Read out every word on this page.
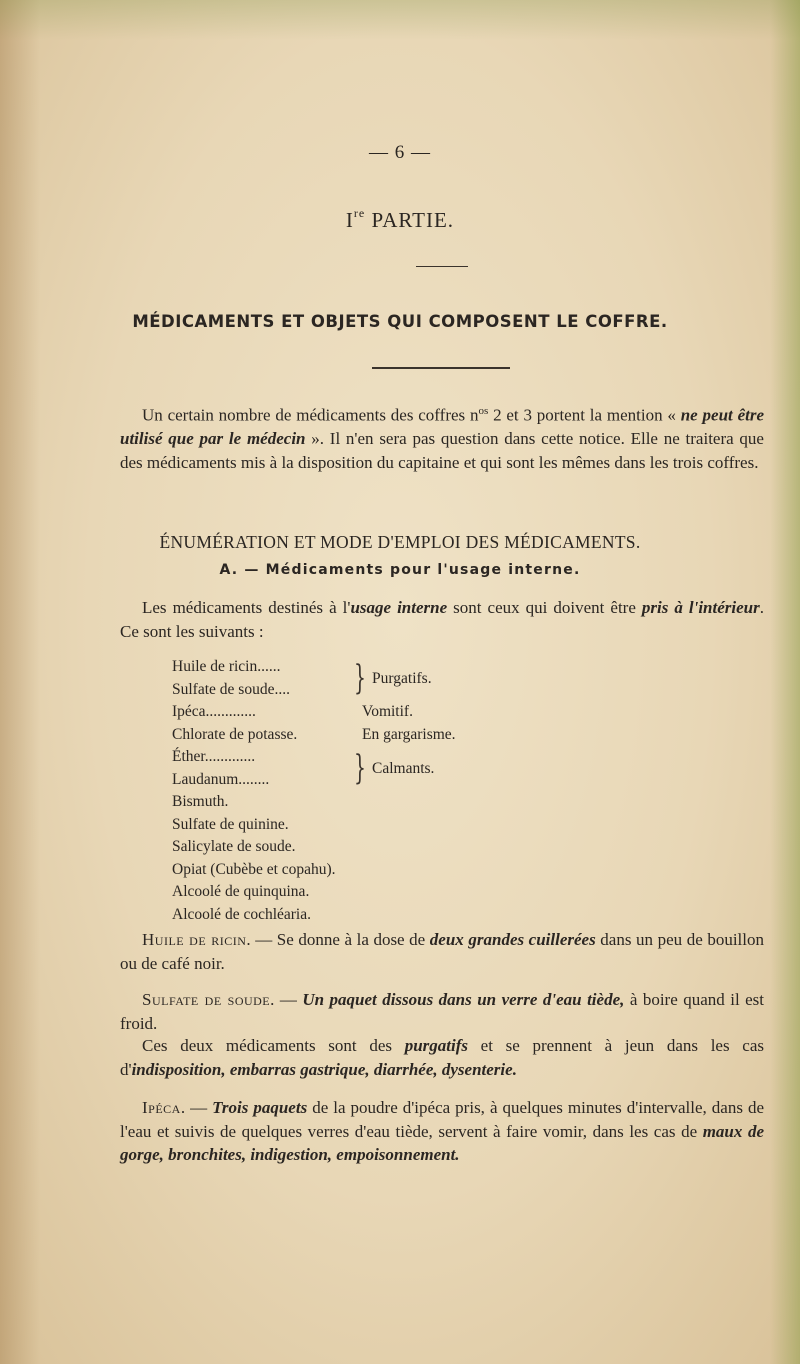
— 6 —
Ire PARTIE.
MÉDICAMENTS ET OBJETS QUI COMPOSENT LE COFFRE.
Un certain nombre de médicaments des coffres $n^{os}$ 2 et 3 portent la mention « ne peut être utilisé que par le médecin ». Il n'en sera pas question dans cette notice. Elle ne traitera que des médicaments mis à la disposition du capitaine et qui sont les mêmes dans les trois coffres.
ÉNUMÉRATION ET MODE D'EMPLOI DES MÉDICAMENTS.
A. — Médicaments pour l'usage interne.
Les médicaments destinés à l'usage interne sont ceux qui doivent être pris à l'intérieur. Ce sont les suivants :
Huile de ricin......
Sulfate de soude....	} Purgatifs.
Ipéca.............	Vomitif.
Chlorate de potasse.	En gargarisme.
Éther.............
Laudanum........	} Calmants.
Bismuth.
Sulfate de quinine.
Salicylate de soude.
Opiat (Cubèbe et copahu).
Alcoolé de quinquina.
Alcoolé de cochléaria.
Huile de ricin. — Se donne à la dose de deux grandes cuillerées dans un peu de bouillon ou de café noir.
Sulfate de soude. — Un paquet dissous dans un verre d'eau tiède, à boire quand il est froid.
Ces deux médicaments sont des purgatifs et se prennent à jeun dans les cas d'indisposition, embarras gastrique, diarrhée, dysenterie.
Ipéca. — Trois paquets de la poudre d'ipéca pris, à quelques minutes d'intervalle, dans de l'eau et suivis de quelques verres d'eau tiède, servent à faire vomir, dans les cas de maux de gorge, bronchites, indigestion, empoisonnement.
